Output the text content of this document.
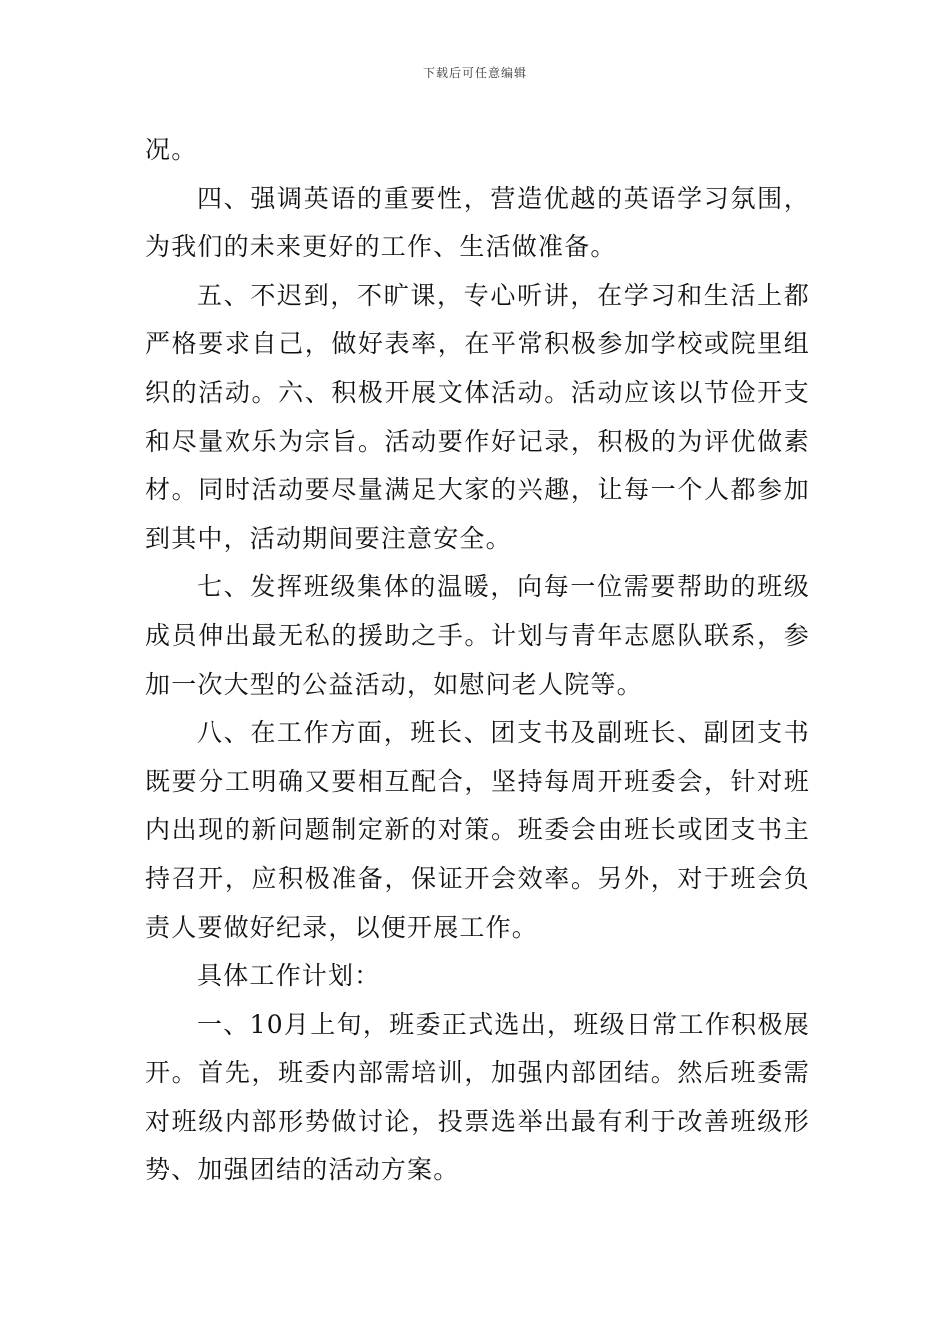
下载后可任意编辑

况。

四、强调英语的重要性，营造优越的英语学习氛围，为我们的未来更好的工作、生活做准备。

五、不迟到，不旷课，专心听讲，在学习和生活上都严格要求自己，做好表率，在平常积极参加学校或院里组织的活动。六、积极开展文体活动。活动应该以节俭开支和尽量欢乐为宗旨。活动要作好记录，积极的为评优做素材。同时活动要尽量满足大家的兴趣，让每一个人都参加到其中，活动期间要注意安全。

七、发挥班级集体的温暖，向每一位需要帮助的班级成员伸出最无私的援助之手。计划与青年志愿队联系，参加一次大型的公益活动，如慰问老人院等。

八、在工作方面，班长、团支书及副班长、副团支书既要分工明确又要相互配合，坚持每周开班委会，针对班内出现的新问题制定新的对策。班委会由班长或团支书主持召开，应积极准备，保证开会效率。另外，对于班会负责人要做好纪录，以便开展工作。

具体工作计划：

一、10月上旬，班委正式选出，班级日常工作积极展开。首先，班委内部需培训，加强内部团结。然后班委需对班级内部形势做讨论，投票选举出最有利于改善班级形势、加强团结的活动方案。
